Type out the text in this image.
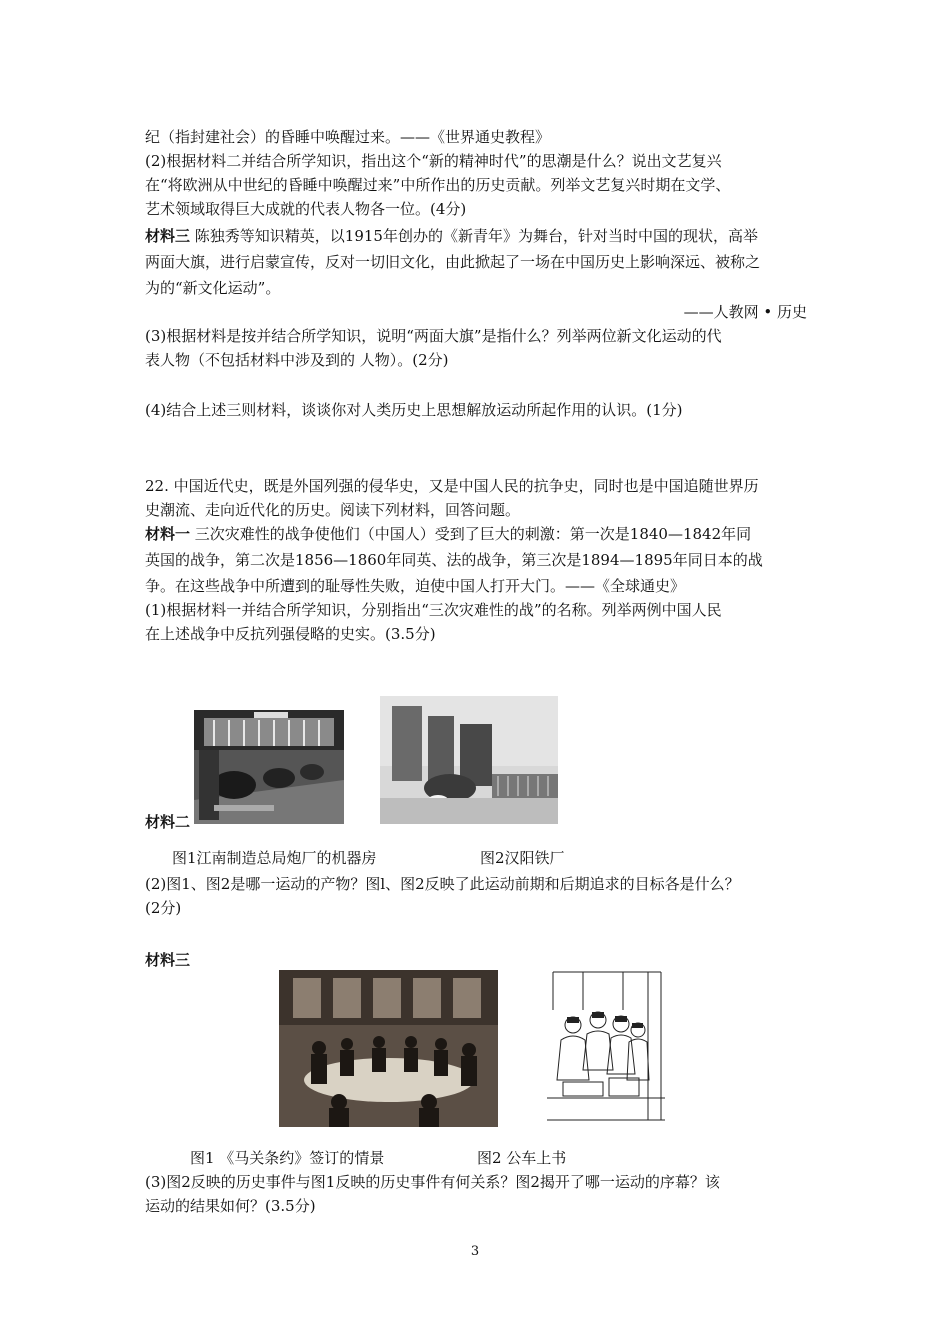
纪（指封建社会）的昏睡中唤醒过来。——《世界通史教程》
(2)根据材料二并结合所学知识，指出这个“新的精神时代”的思潮是什么？说出文艺复兴
在“将欧洲从中世纪的昏睡中唤醒过来”中所作出的历史贡献。列举文艺复兴时期在文学、
艺术领域取得巨大成就的代表人物各一位。(4分)
材料三 陈独秀等知识精英，以1915年创办的《新青年》为舞台，针对当时中国的现状，高举
两面大旗，进行启蒙宣传，反对一切旧文化，由此掀起了一场在中国历史上影响深远、被称之
为的“新文化运动”。
——人教网 • 历史
(3)根据材料是按并结合所学知识，说明“两面大旗”是指什么？列举两位新文化运动的代
表人物（不包括材料中涉及到的 人物）。(2分)
(4)结合上述三则材料，谈谈你对人类历史上思想解放运动所起作用的认识。(1分)
22. 中国近代史，既是外国列强的侵华史，又是中国人民的抗争史，同时也是中国追随世界历
史潮流、走向近代化的历史。阅读下列材料，回答问题。
材料一 三次灾难性的战争使他们（中国人）受到了巨大的刺激：第一次是1840—1842年同
英国的战争，第二次是1856—1860年同英、法的战争，第三次是1894—1895年同日本的战
争。在这些战争中所遭到的耻辱性失败，迫使中国人打开大门。——《全球通史》
(1)根据材料一并结合所学知识，分别指出“三次灾难性的战”的名称。列举两例中国人民
在上述战争中反抗列强侵略的史实。(3.5分)
材料二
图1江南制造总局炮厂的机器房	图2汉阳铁厂
(2)图1、图2是哪一运动的产物？图l、图2反映了此运动前期和后期追求的目标各是什么？
(2分)
材料三
图1 《马关条约》签订的情景	图2 公车上书
(3)图2反映的历史事件与图1反映的历史事件有何关系？图2揭开了哪一运动的序幕？该
运动的结果如何？(3.5分)
3
